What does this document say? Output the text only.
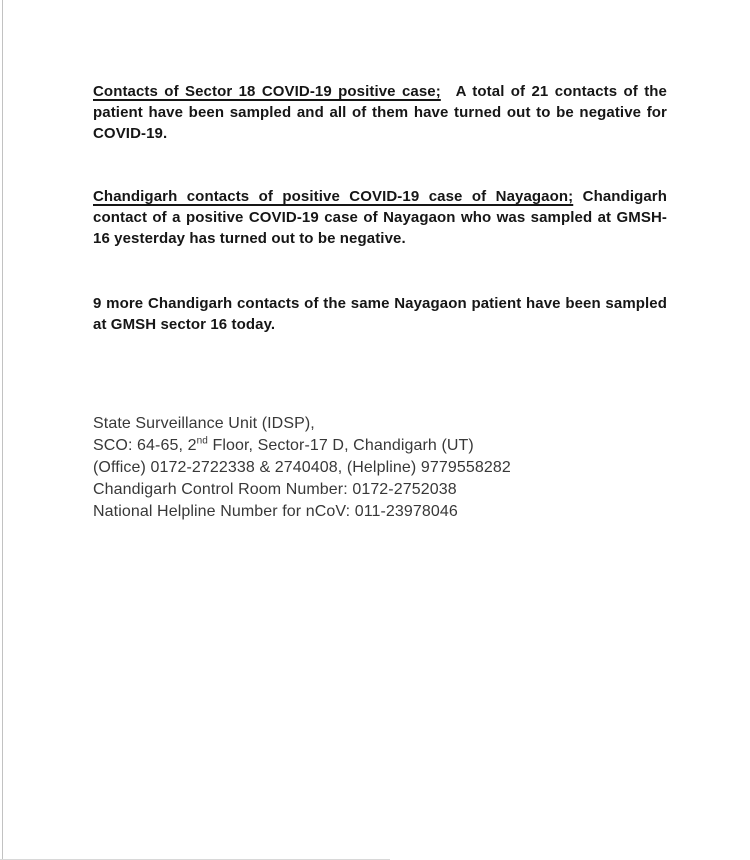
Contacts of Sector 18 COVID-19 positive case; A total of 21 contacts of the patient have been sampled and all of them have turned out to be negative for COVID-19.

Chandigarh contacts of positive COVID-19 case of Nayagaon; Chandigarh contact of a positive COVID-19 case of Nayagaon who was sampled at GMSH-16 yesterday has turned out to be negative.

9 more Chandigarh contacts of the same Nayagaon patient have been sampled at GMSH sector 16 today.

State Surveillance Unit (IDSP),

SCO: 64-65, 2nd Floor, Sector-17 D, Chandigarh (UT)

(Office) 0172-2722338 & 2740408, (Helpline) 9779558282

Chandigarh Control Room Number: 0172-2752038

National Helpline Number for nCoV: 011-23978046
